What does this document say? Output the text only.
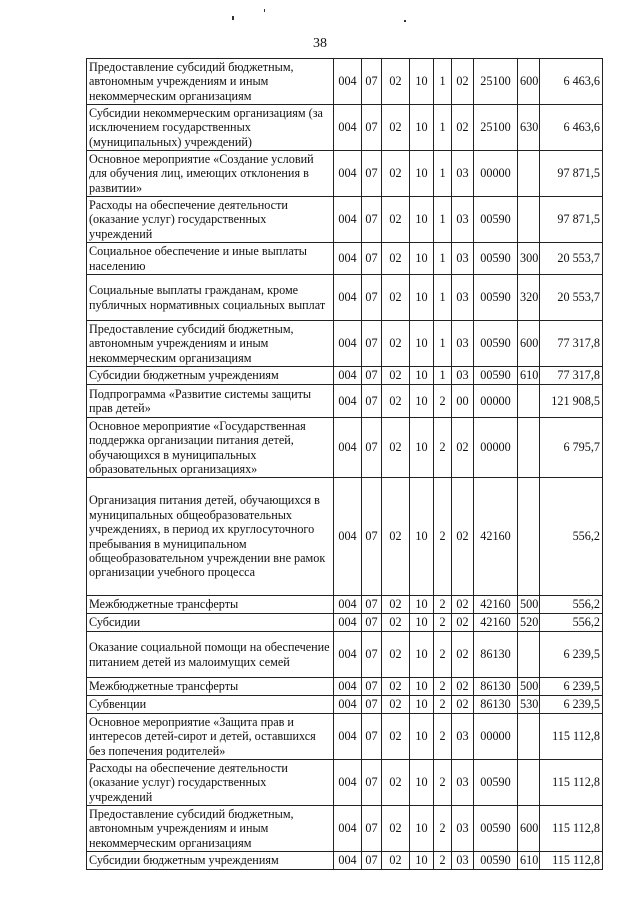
38
Предоставление субсидий бюджетным, автономным учреждениям и иным некоммерческим организациям	004	07	02	10	1	02	25100	600	6 463,6
Субсидии некоммерческим организациям (за исключением государственных (муниципальных) учреждений)	004	07	02	10	1	02	25100	630	6 463,6
Основное мероприятие «Создание условий для обучения лиц, имеющих отклонения в развитии»	004	07	02	10	1	03	00000		97 871,5
Расходы на обеспечение деятельности (оказание услуг) государственных учреждений	004	07	02	10	1	03	00590		97 871,5
Социальное обеспечение и иные выплаты населению	004	07	02	10	1	03	00590	300	20 553,7
Социальные выплаты гражданам, кроме публичных нормативных социальных выплат	004	07	02	10	1	03	00590	320	20 553,7
Предоставление субсидий бюджетным, автономным учреждениям и иным некоммерческим организациям	004	07	02	10	1	03	00590	600	77 317,8
Субсидии бюджетным учреждениям	004	07	02	10	1	03	00590	610	77 317,8
Подпрограмма «Развитие системы защиты прав детей»	004	07	02	10	2	00	00000		121 908,5
Основное мероприятие «Государственная поддержка организации питания детей, обучающихся в муниципальных образовательных организациях»	004	07	02	10	2	02	00000		6 795,7
Организация питания детей, обучающихся в муниципальных общеобразовательных учреждениях, в период их круглосуточного пребывания в муниципальном общеобразовательном учреждении вне рамок организации учебного процесса	004	07	02	10	2	02	42160		556,2
Межбюджетные трансферты	004	07	02	10	2	02	42160	500	556,2
Субсидии	004	07	02	10	2	02	42160	520	556,2
Оказание социальной помощи на обеспечение питанием детей из малоимущих семей	004	07	02	10	2	02	86130		6 239,5
Межбюджетные трансферты	004	07	02	10	2	02	86130	500	6 239,5
Субвенции	004	07	02	10	2	02	86130	530	6 239,5
Основное мероприятие «Защита прав и интересов детей-сирот и детей, оставшихся без попечения родителей»	004	07	02	10	2	03	00000		115 112,8
Расходы на обеспечение деятельности (оказание услуг) государственных учреждений	004	07	02	10	2	03	00590		115 112,8
Предоставление субсидий бюджетным, автономным учреждениям и иным некоммерческим организациям	004	07	02	10	2	03	00590	600	115 112,8
Субсидии бюджетным учреждениям	004	07	02	10	2	03	00590	610	115 112,8
